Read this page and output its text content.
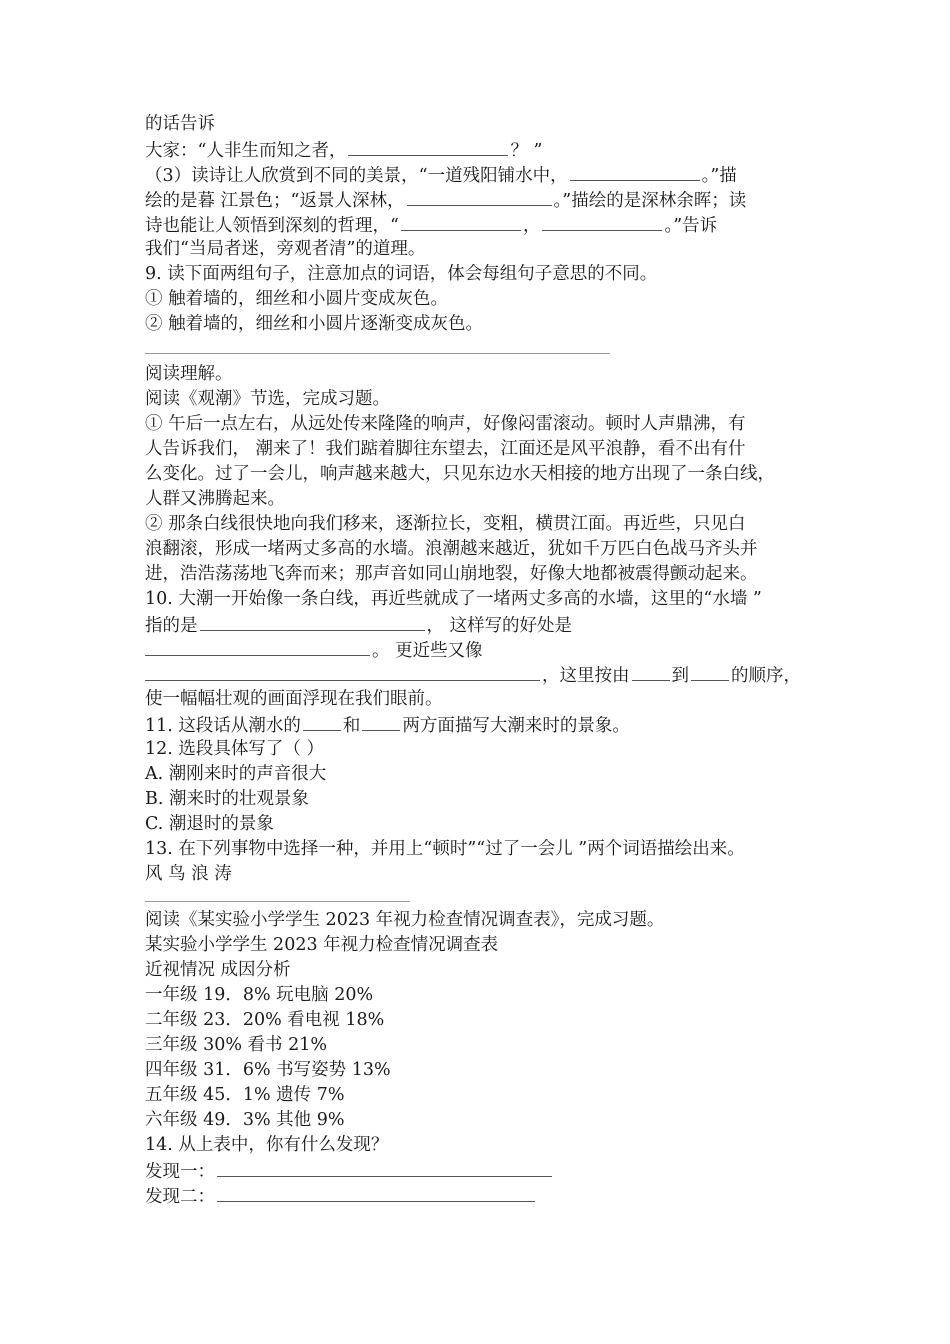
的话告诉
大家：“人非生而知之者，	？ ”
（3）读诗让人欣赏到不同的美景，“一道残阳铺水中，	。”描
绘的是暮 江景色；“返景人深林，	。”描绘的是深林余晖；读
诗也能让人领悟到深刻的哲理，“	，	。”告诉
我们“当局者迷，旁观者清”的道理。
9. 读下面两组句子，注意加点的词语，体会每组句子意思的不同。
① 触着墙的，细丝和小圆片变成灰色。
② 触着墙的，细丝和小圆片逐渐变成灰色。
阅读理解。
阅读《观潮》节选，完成习题。
① 午后一点左右，从远处传来隆隆的响声，好像闷雷滚动。顿时人声鼎沸，有
人告诉我们， 潮来了！我们踮着脚往东望去，江面还是风平浪静，看不出有什
么变化。过了一会儿，响声越来越大，只见东边水天相接的地方出现了一条白线，
人群又沸腾起来。
② 那条白线很快地向我们移来，逐渐拉长，变粗，横贯江面。再近些，只见白
浪翻滚，形成一堵两丈多高的水墙。浪潮越来越近，犹如千万匹白色战马齐头并
进，浩浩荡荡地飞奔而来；那声音如同山崩地裂，好像大地都被震得颤动起来。
10. 大潮一开始像一条白线，再近些就成了一堵两丈多高的水墙，这里的“水墙 ”
指的是	， 这样写的好处是
。 更近些又像
，这里按由 到 的顺序，
使一幅幅壮观的画面浮现在我们眼前。
11. 这段话从潮水的 和 两方面描写大潮来时的景象。
12. 选段具体写了（ ）
A. 潮刚来时的声音很大
B. 潮来时的壮观景象
C. 潮退时的景象
13. 在下列事物中选择一种，并用上“顿时”“过了一会儿 ”两个词语描绘出来。
风 鸟 浪 涛
阅读《某实验小学学生 2023 年视力检查情况调查表》，完成习题。
某实验小学学生 2023 年视力检查情况调查表
近视情况 成因分析
一年级 19．8% 玩电脑 20%
二年级 23．20% 看电视 18%
三年级 30% 看书 21%
四年级 31．6% 书写姿势 13%
五年级 45．1% 遗传 7%
六年级 49．3% 其他 9%
14. 从上表中，你有什么发现？
发现一：
发现二：
